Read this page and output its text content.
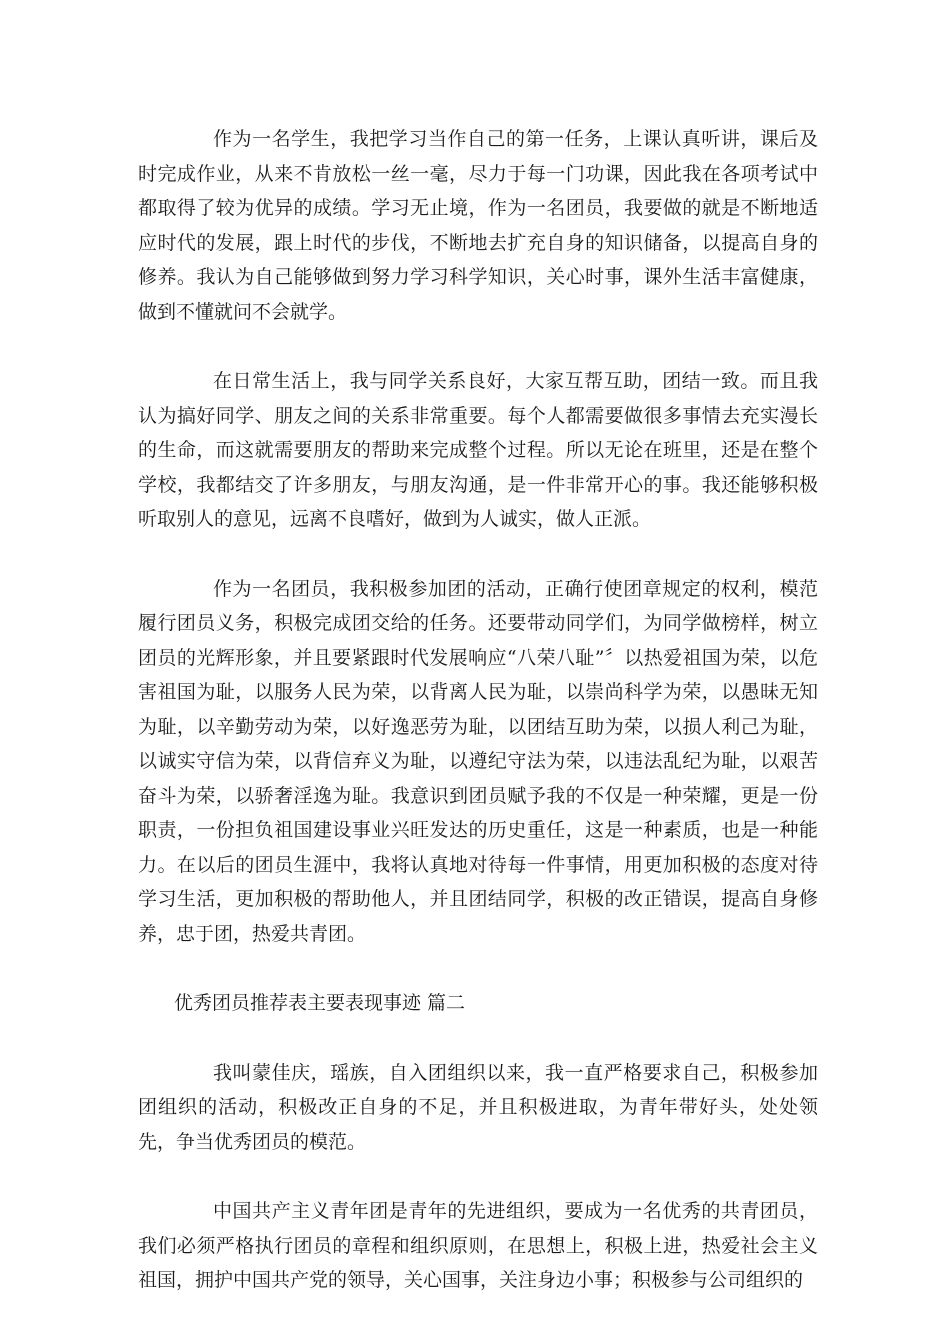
作为一名学生，我把学习当作自己的第一任务，上课认真听讲，课后及时完成作业，从来不肯放松一丝一毫，尽力于每一门功课，因此我在各项考试中都取得了较为优异的成绩。学习无止境，作为一名团员，我要做的就是不断地适应时代的发展，跟上时代的步伐，不断地去扩充自身的知识储备，以提高自身的修养。我认为自己能够做到努力学习科学知识，关心时事，课外生活丰富健康，做到不懂就问不会就学。

在日常生活上，我与同学关系良好，大家互帮互助，团结一致。而且我认为搞好同学、朋友之间的关系非常重要。每个人都需要做很多事情去充实漫长的生命，而这就需要朋友的帮助来完成整个过程。所以无论在班里，还是在整个学校，我都结交了许多朋友，与朋友沟通，是一件非常开心的事。我还能够积极听取别人的意见，远离不良嗜好，做到为人诚实，做人正派。

作为一名团员，我积极参加团的活动，正确行使团章规定的权利，模范履行团员义务，积极完成团交给的任务。还要带动同学们，为同学做榜样，树立团员的光辉形象，并且要紧跟时代发展响应“八荣八耻”〞以热爱祖国为荣，以危害祖国为耻，以服务人民为荣，以背离人民为耻，以崇尚科学为荣，以愚昧无知为耻，以辛勤劳动为荣，以好逸恶劳为耻，以团结互助为荣，以损人利己为耻，以诚实守信为荣，以背信弃义为耻，以遵纪守法为荣，以违法乱纪为耻，以艰苦奋斗为荣，以骄奢淫逸为耻。我意识到团员赋予我的不仅是一种荣耀，更是一份职责，一份担负祖国建设事业兴旺发达的历史重任，这是一种素质，也是一种能力。在以后的团员生涯中，我将认真地对待每一件事情，用更加积极的态度对待学习生活，更加积极的帮助他人，并且团结同学，积极的改正错误，提高自身修养，忠于团，热爱共青团。

优秀团员推荐表主要表现事迹 篇二

我叫蒙佳庆，瑶族，自入团组织以来，我一直严格要求自己，积极参加团组织的活动，积极改正自身的不足，并且积极进取，为青年带好头，处处领先，争当优秀团员的模范。

中国共产主义青年团是青年的先进组织，要成为一名优秀的共青团员，我们必须严格执行团员的章程和组织原则，在思想上，积极上进，热爱社会主义祖国，拥护中国共产党的领导，关心国事，关注身边小事；积极参与公司组织的
